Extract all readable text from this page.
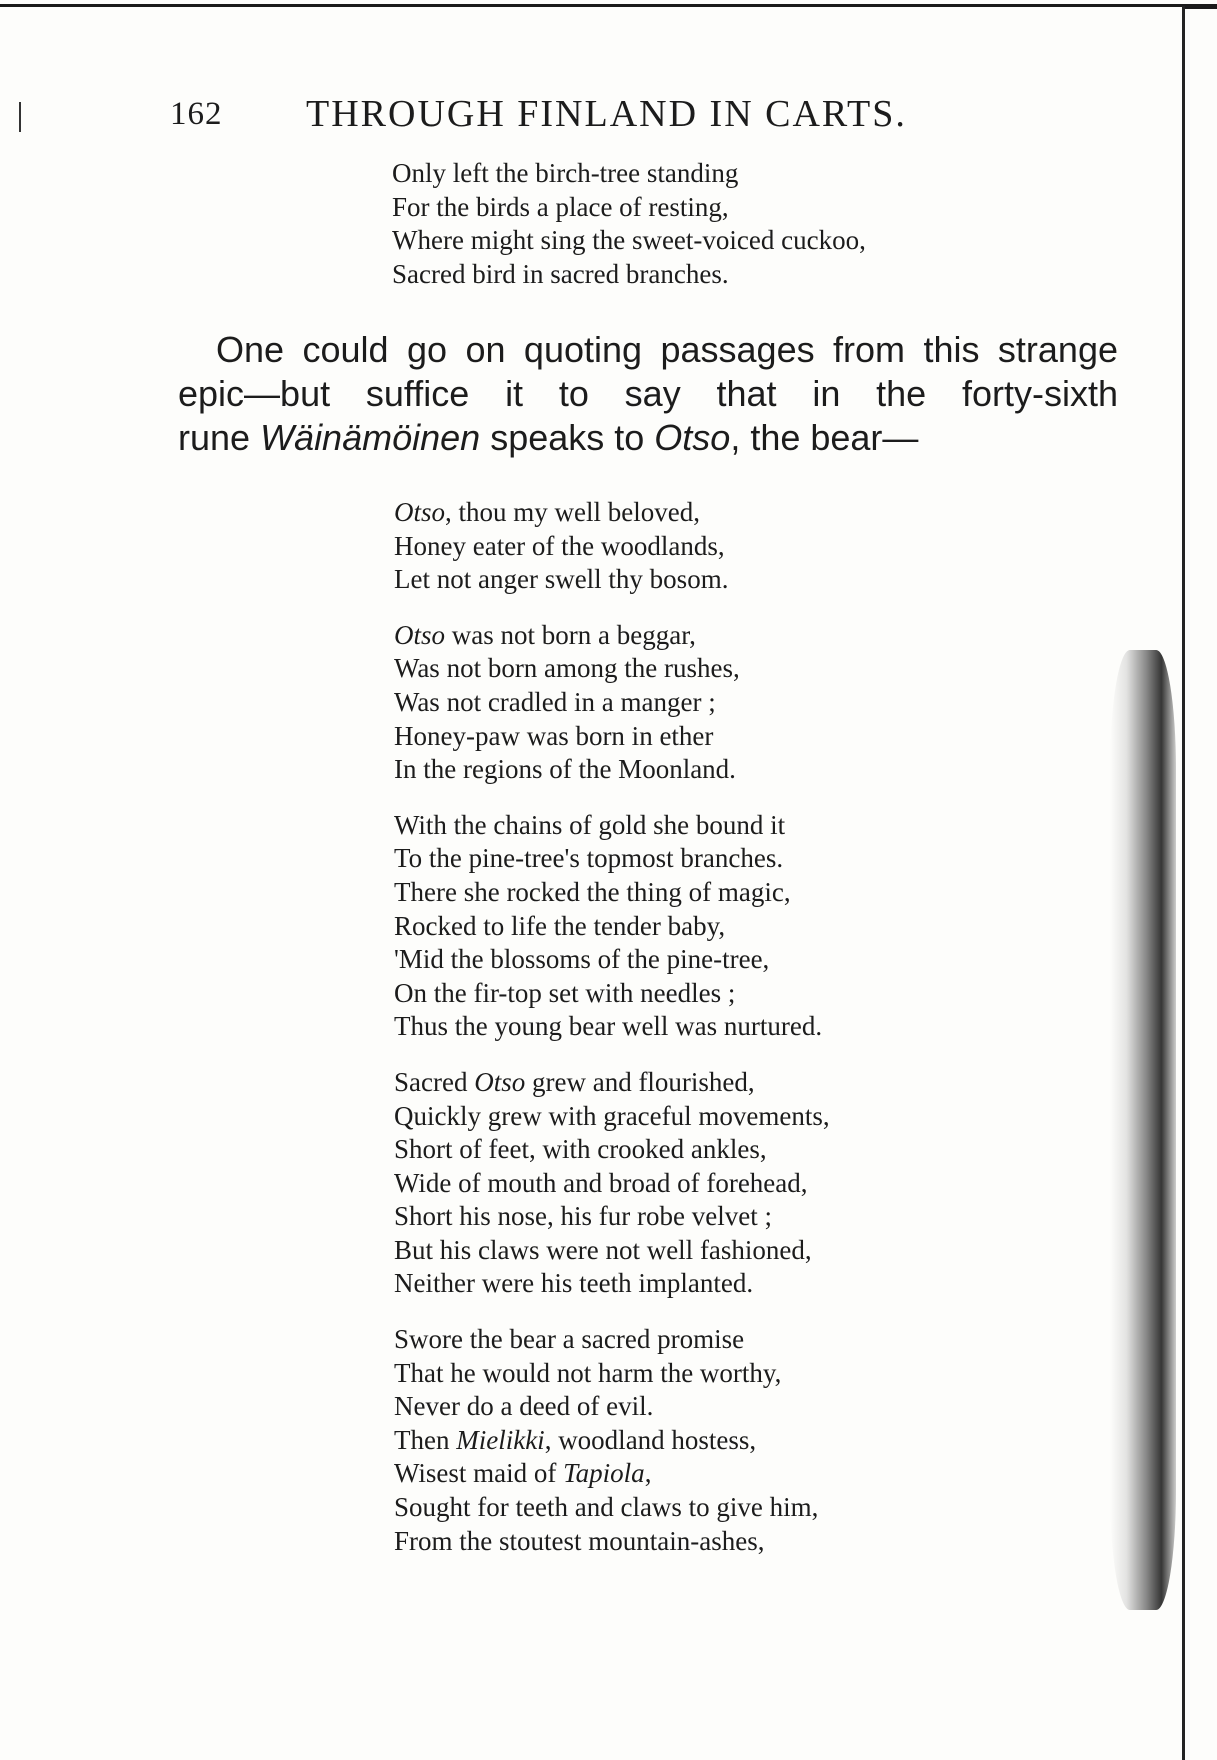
162 THROUGH FINLAND IN CARTS.
Only left the birch-tree standing
For the birds a place of resting,
Where might sing the sweet-voiced cuckoo,
Sacred bird in sacred branches.
One could go on quoting passages from this strange
epic—but suffice it to say that in the forty-sixth
rune Wäinämöinen speaks to Otso, the bear—
Otso, thou my well beloved,
Honey eater of the woodlands,
Let not anger swell thy bosom.
Otso was not born a beggar,
Was not born among the rushes,
Was not cradled in a manger ;
Honey-paw was born in ether
In the regions of the Moonland.
With the chains of gold she bound it
To the pine-tree's topmost branches.
There she rocked the thing of magic,
Rocked to life the tender baby,
'Mid the blossoms of the pine-tree,
On the fir-top set with needles ;
Thus the young bear well was nurtured.
Sacred Otso grew and flourished,
Quickly grew with graceful movements,
Short of feet, with crooked ankles,
Wide of mouth and broad of forehead,
Short his nose, his fur robe velvet ;
But his claws were not well fashioned,
Neither were his teeth implanted.
Swore the bear a sacred promise
That he would not harm the worthy,
Never do a deed of evil.
Then Mielikki, woodland hostess,
Wisest maid of Tapiola,
Sought for teeth and claws to give him,
From the stoutest mountain-ashes,
